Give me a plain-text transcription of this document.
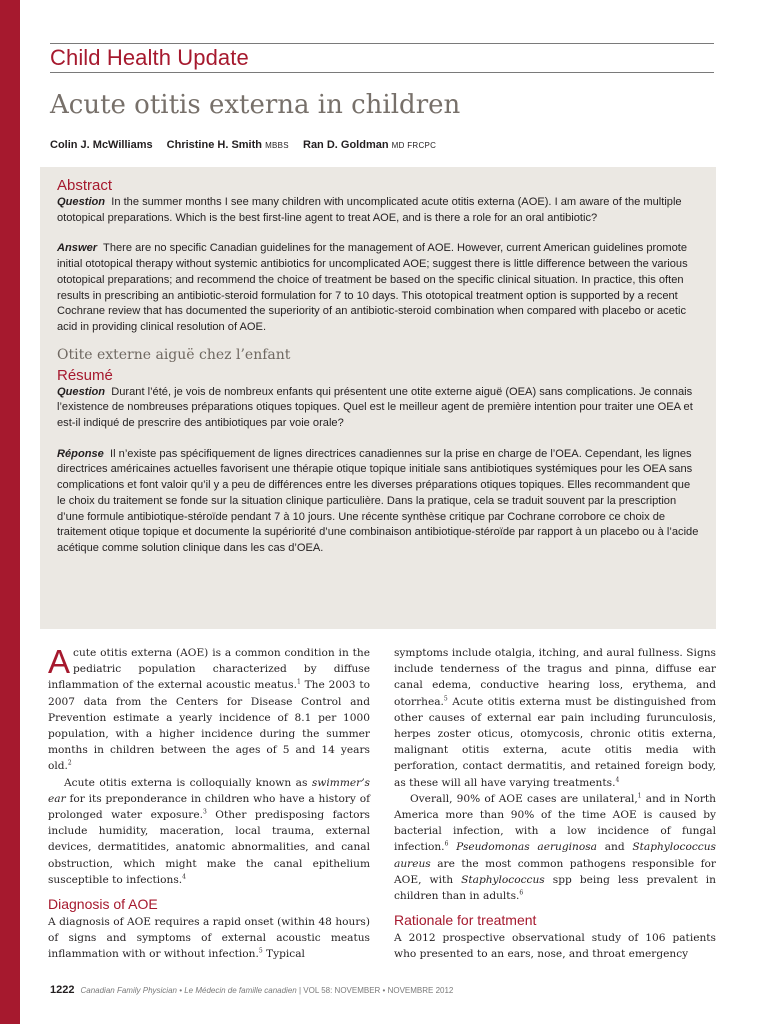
Child Health Update
Acute otitis externa in children
Colin J. McWilliams Christine H. Smith MBBS Ran D. Goldman MD FRCPC
Abstract

Question In the summer months I see many children with uncomplicated acute otitis externa (AOE). I am aware of the multiple ototopical preparations. Which is the best first-line agent to treat AOE, and is there a role for an oral antibiotic?

Answer There are no specific Canadian guidelines for the management of AOE. However, current American guidelines promote initial ototopical therapy without systemic antibiotics for uncomplicated AOE; suggest there is little difference between the various ototopical preparations; and recommend the choice of treatment be based on the specific clinical situation. In practice, this often results in prescribing an antibiotic-steroid formulation for 7 to 10 days. This ototopical treatment option is supported by a recent Cochrane review that has documented the superiority of an antibiotic-steroid combination when compared with placebo or acetic acid in providing clinical resolution of AOE.

Otite externe aiguë chez l’enfant
Résumé

Question Durant l’été, je vois de nombreux enfants qui présentent une otite externe aiguë (OEA) sans complications. Je connais l’existence de nombreuses préparations otiques topiques. Quel est le meilleur agent de première intention pour traiter une OEA et est-il indiqué de prescrire des antibiotiques par voie orale?

Réponse Il n’existe pas spécifiquement de lignes directrices canadiennes sur la prise en charge de l’OEA. Cependant, les lignes directrices américaines actuelles favorisent une thérapie otique topique initiale sans antibiotiques systémiques pour les OEA sans complications et font valoir qu’il y a peu de différences entre les diverses préparations otiques topiques. Elles recommandent que le choix du traitement se fonde sur la situation clinique particulière. Dans la pratique, cela se traduit souvent par la prescription d’une formule antibiotique-stéroïde pendant 7 à 10 jours. Une récente synthèse critique par Cochrane corrobore ce choix de traitement otique topique et documente la supériorité d’une combinaison antibiotique-stéroïde par rapport à un placebo ou à l’acide acétique comme solution clinique dans les cas d’OEA.

Acute otitis externa (AOE) is a common condition in the pediatric population characterized by diffuse inflammation of the external acoustic meatus.$^1$ The 2003 to 2007 data from the Centers for Disease Control and Prevention estimate a yearly incidence of 8.1 per 1000 population, with a higher incidence during the summer months in children between the ages of 5 and 14 years old.$^2$

Acute otitis externa is colloquially known as swimmer’s ear for its preponderance in children who have a history of prolonged water exposure.$^3$ Other predisposing factors include humidity, maceration, local trauma, external devices, dermatitides, anatomic abnormalities, and canal obstruction, which might make the canal epithelium susceptible to infections.$^4$

Diagnosis of AOE

A diagnosis of AOE requires a rapid onset (within 48 hours) of signs and symptoms of external acoustic meatus inflammation with or without infection.$^5$ Typical

symptoms include otalgia, itching, and aural fullness. Signs include tenderness of the tragus and pinna, diffuse ear canal edema, conductive hearing loss, erythema, and otorrhea.$^5$ Acute otitis externa must be distinguished from other causes of external ear pain including furunculosis, herpes zoster oticus, otomycosis, chronic otitis externa, malignant otitis externa, acute otitis media with perforation, contact dermatitis, and retained foreign body, as these will all have varying treatments.$^4$

Overall, 90% of AOE cases are unilateral,$^1$ and in North America more than 90% of the time AOE is caused by bacterial infection, with a low incidence of fungal infection.$^6$ Pseudomonas aeruginosa and Staphylococcus aureus are the most common pathogens responsible for AOE, with Staphylococcus spp being less prevalent in children than in adults.$^6$

Rationale for treatment

A 2012 prospective observational study of 106 patients who presented to an ears, nose, and throat emergency

1222 Canadian Family Physician • Le Médecin de famille canadien | VOL 58: NOVEMBER • NOVEMBRE 2012
